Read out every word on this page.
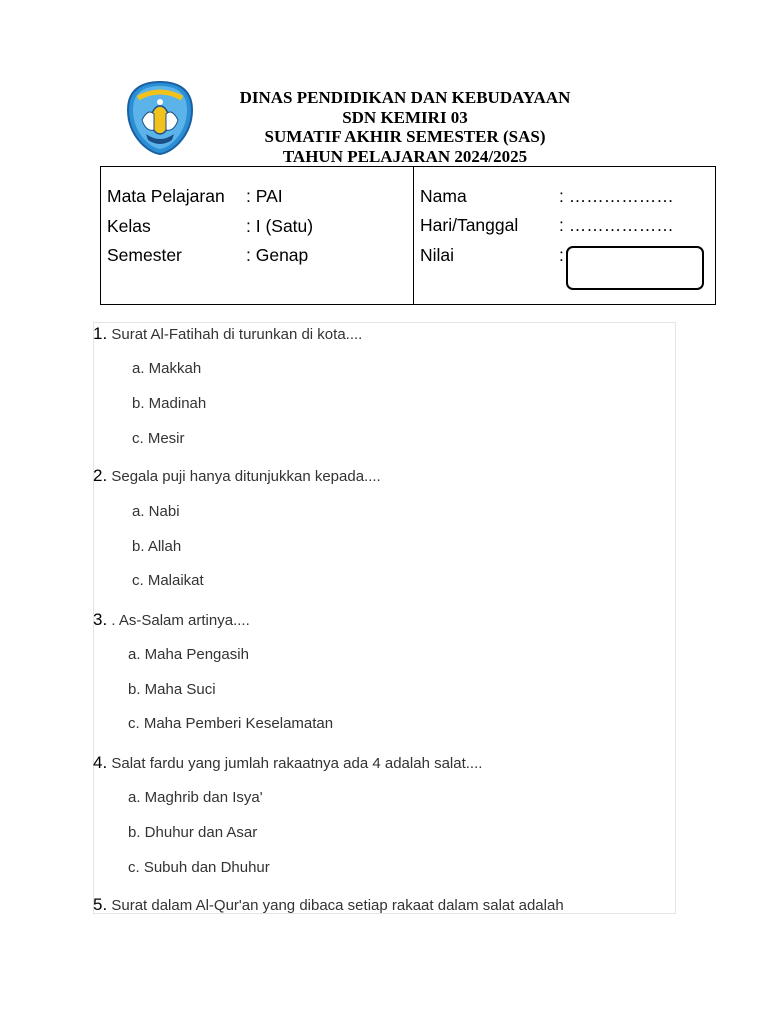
DINAS PENDIDIKAN DAN KEBUDAYAAN
SDN KEMIRI 03
SUMATIF AKHIR SEMESTER (SAS)
TAHUN PELAJARAN 2024/2025
Mata Pelajaran : PAI
Kelas	: I (Satu)
Semester	: Genap
Nama	: ………………
Hari/Tanggal : ………………
Nilai	:
1. Surat Al-Fatihah di turunkan di kota....
a. Makkah
b. Madinah
c. Mesir
2. Segala puji hanya ditunjukkan kepada....
a. Nabi
b. Allah
c. Malaikat
3. . As-Salam artinya....
a. Maha Pengasih
b. Maha Suci
c. Maha Pemberi Keselamatan
4. Salat fardu yang jumlah rakaatnya ada 4 adalah salat....
a. Maghrib dan Isya'
b. Dhuhur dan Asar
c. Subuh dan Dhuhur
5. Surat dalam Al-Qur'an yang dibaca setiap rakaat dalam salat adalah
